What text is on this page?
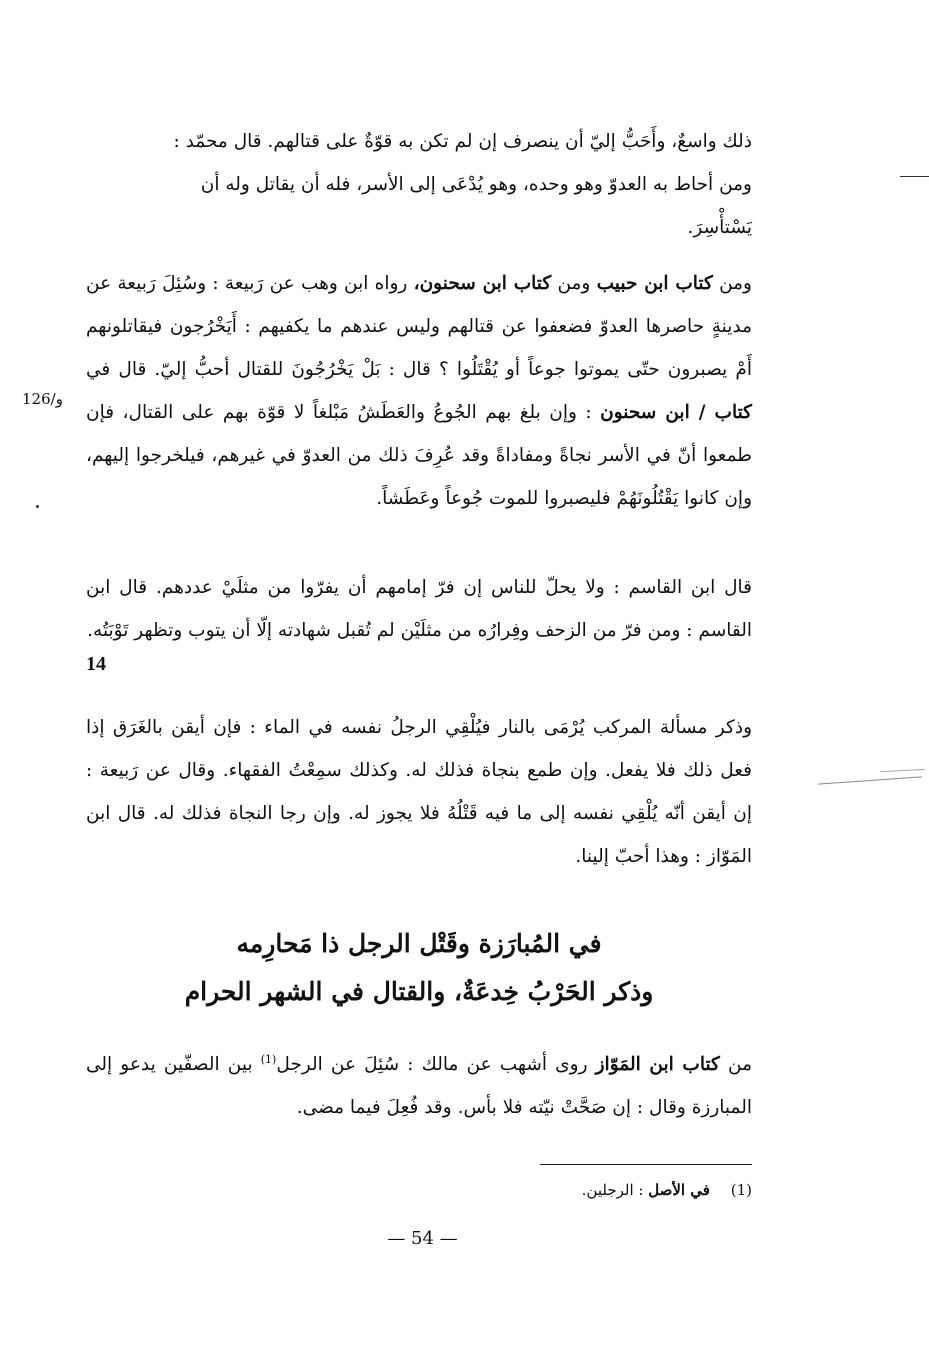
ذلك واسعٌ، وأَحَبُّ إليّ أن ينصرف إن لم تكن به قوّةٌ على قتالهم. قال محمّد :

ومن أحاط به العدوّ وهو وحده، وهو يُدْعَى إلى الأسر، فله أن يقاتل وله أن

يَسْتأْسِرَ.

ومن كتاب ابن حبيب ومن كتاب ابن سحنون، رواه ابن وهب عن رَبيعة : وسُئِلَ رَبيعة عن مدينةٍ حاصرها العدوّ فضعفوا عن قتالهم وليس عندهم ما يكفيهم : أَيَخْرُجون فيقاتلونهم أَمْ يصبرون حتّى يموتوا جوعاً أو يُقْتَلُوا ؟ قال : بَلْ يَخْرُجُونَ للقتال أحبُّ إليّ. قال في كتاب / ابن سحنون : وإن بلغ بهم الجُوعُ والعَطَشُ مَبْلغاً لا قوّة بهم على القتال، فإن طمعوا أنّ في الأسر نجاةً ومفاداةً وقد عُرِفَ ذلك من العدوّ في غيرهم، فيلخرجوا إليهم، وإن كانوا يَقْتُلُونَهُمْ فليصبروا للموت جُوعاً وعَطَشاً.

126/و

قال ابن القاسم : ولا يحلّ للناس إن فرّ إمامهم أن يفرّوا من مثلَيْ عددهم. قال ابن القاسم : ومن فرّ من الزحف وفِرارُه من مثلَيْن لم تُقبل شهادته إلّا أن يتوب وتظهر تَوْبَتُه.

14

وذكر مسألة المركب يُرْمَى بالنار فيُلْقِي الرجلُ نفسه في الماء : فإن أيقن بالغَرَق إذا فعل ذلك فلا يفعل. وإن طمع بنجاة فذلك له. وكذلك سمِعْتُ الفقهاء. وقال عن رَبيعة : إن أيقن أنّه يُلْقِي نفسه إلى ما فيه قَتْلُهُ فلا يجوز له. وإن رجا النجاة فذلك له. قال ابن المَوّاز : وهذا أحبّ إلينا.

في المُبارَزة وقَتْل الرجل ذا مَحارِمه
وذكر الحَرْبُ خِدعَةٌ، والقتال في الشهر الحرام

من كتاب ابن المَوّاز روى أشهب عن مالك : سُئِلَ عن الرجل$^{(1)}$ بين الصفّين يدعو إلى المبارزة وقال : إن صَحَّتْ نيّته فلا بأس. وقد فُعِلَ فيما مضى.

(1) في الأصل : الرجلين.
— 54 —
